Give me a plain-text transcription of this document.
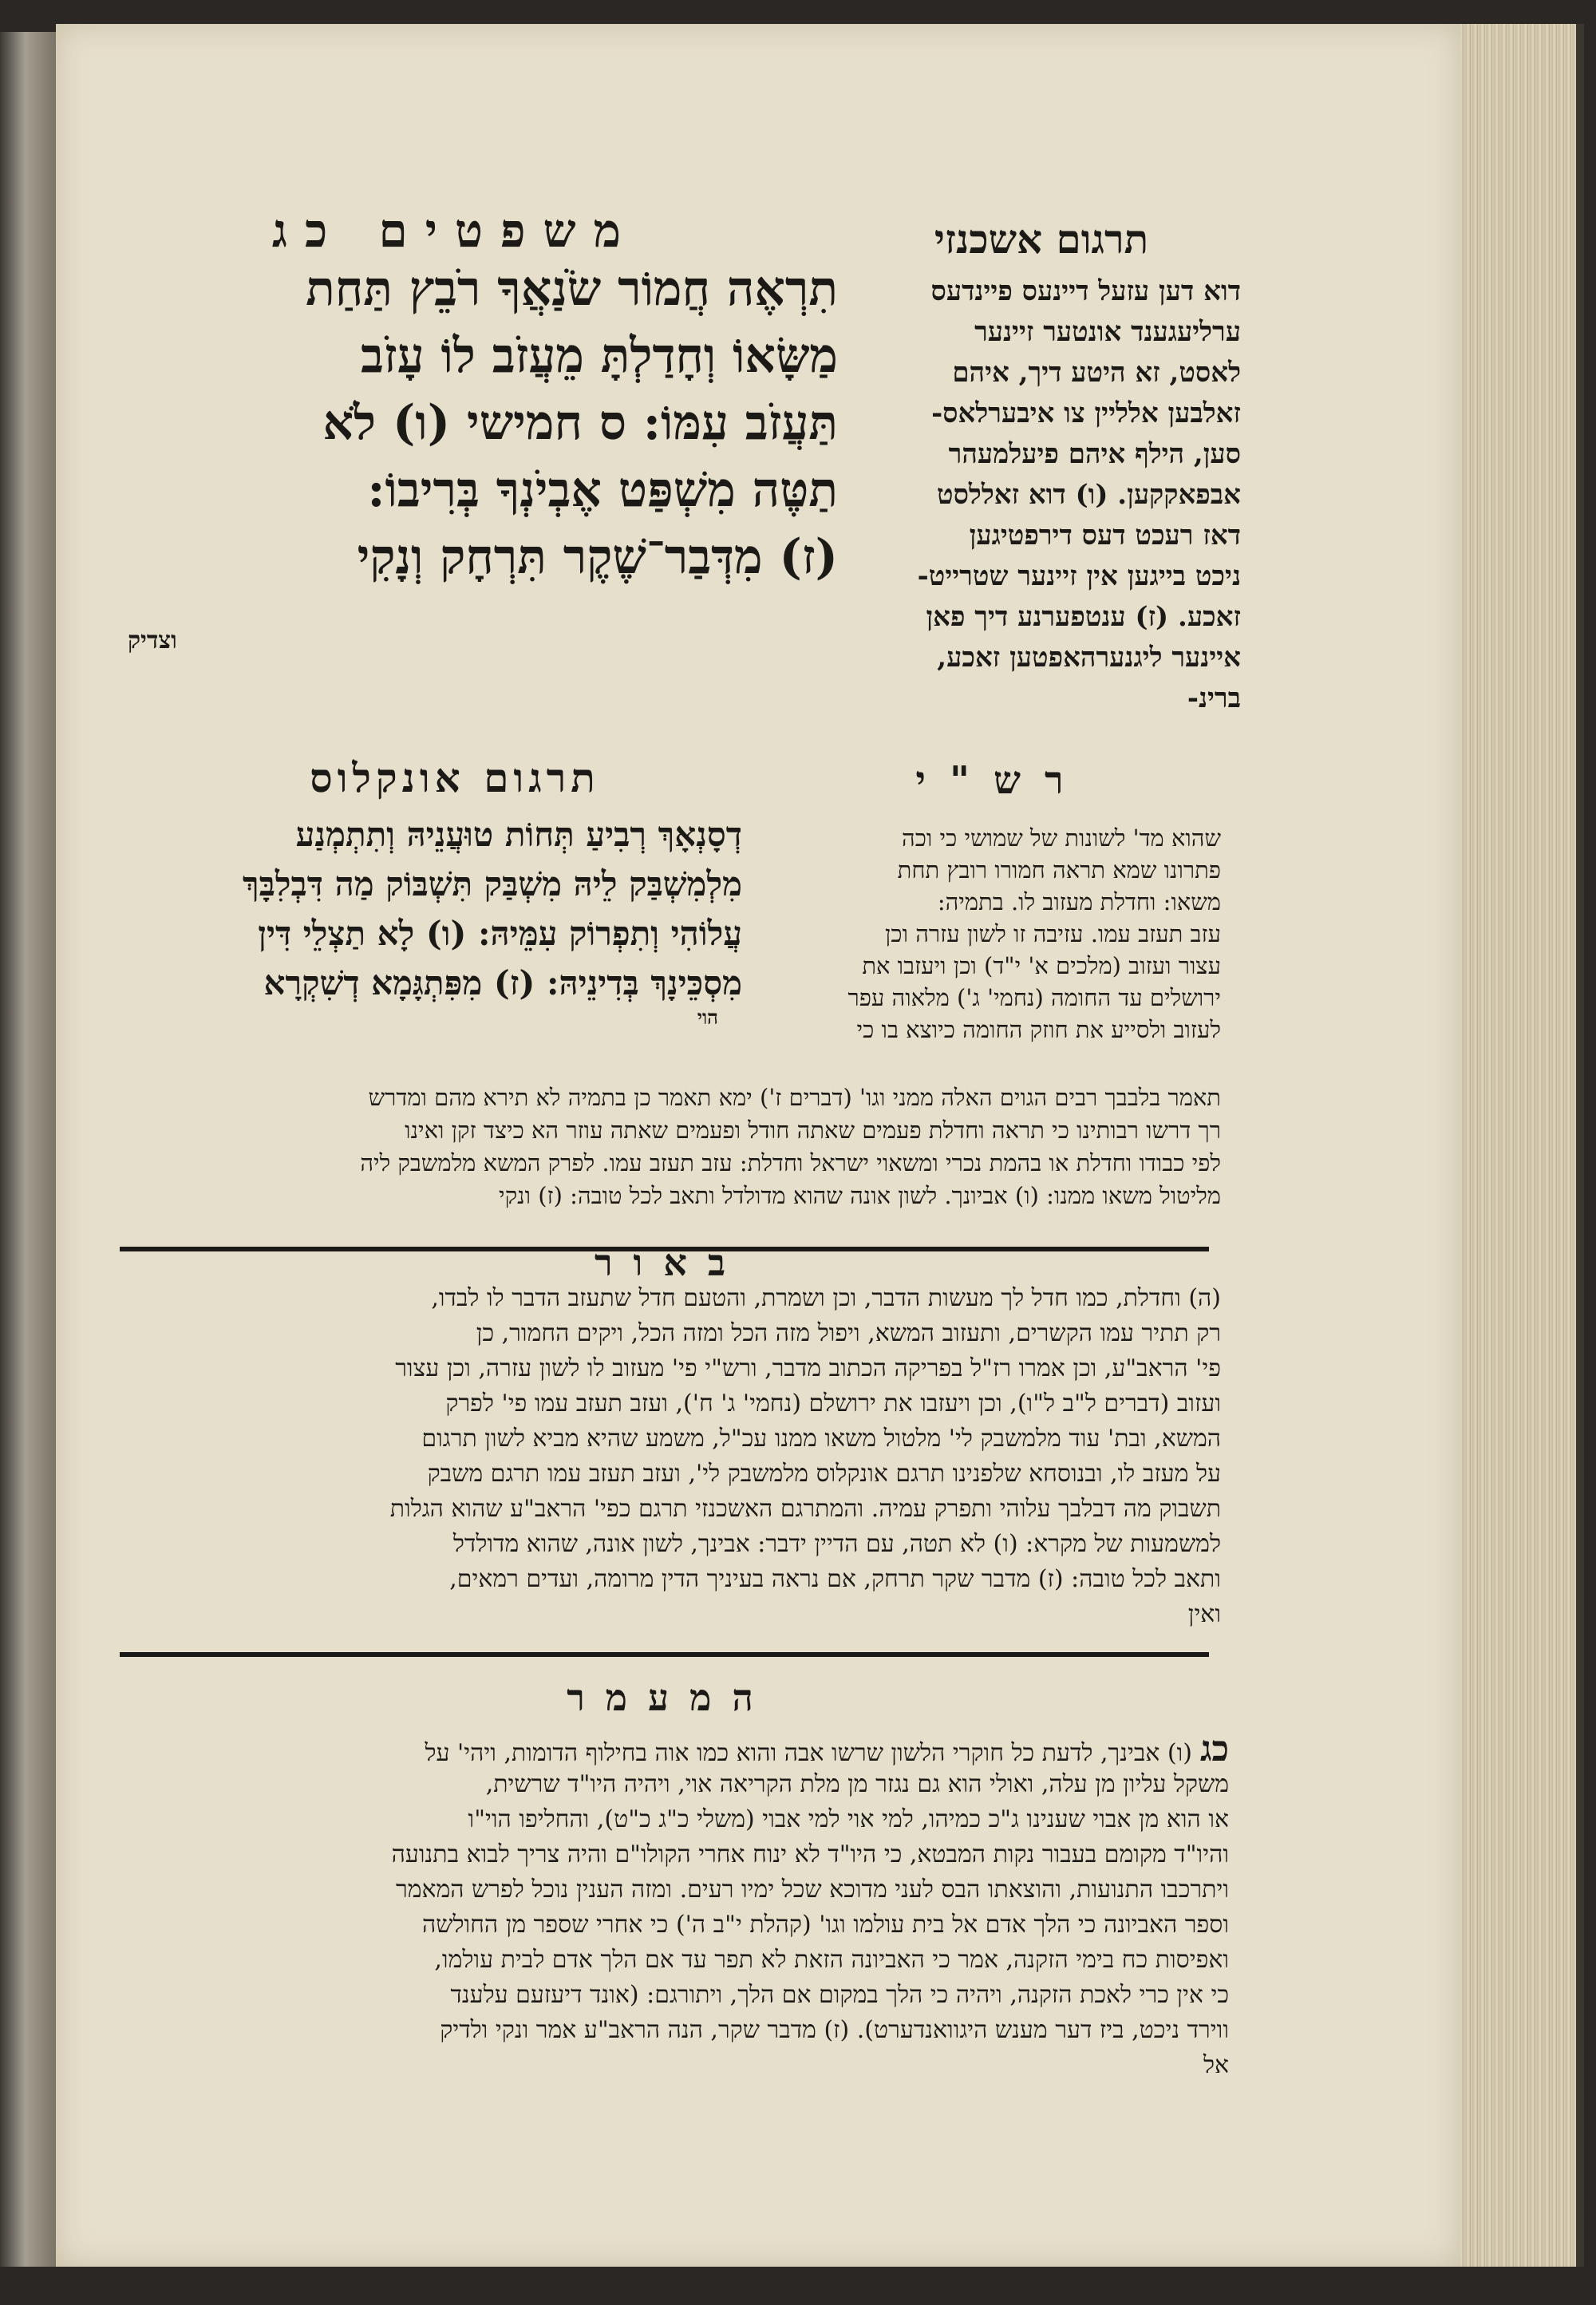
משפטים כג
תִרְאֶה חֲמוֹר שֹׂנַאֲךָ רֹבֵץ תַּחַת
מַשָּׂאוֹ וְחָדַלְתָּ מֵעֲזֹב לוֹ עָזֹב
תַּעֲזֹב עִמּוֹ: ס חמישי (ו) לֹא
תַטֶּה מִשְׁפַּט אֶבְיֹנְךָ בְּרִיבוֹ:
(ז) מִדְּבַר־שֶׁקֶר תִּרְחָק וְנָקִי
וצדיק
תרגום אשכנזי
דוא דען עזעל דיינעס פיינדעס
ערליעגענד אונטער זיינער
לאסט, זא היטע דיך, איהם
זאלבען אלליין צו איבערלאס-
סען, הילף איהם פיעלמעהר
אבפאקקען. (ו) דוא זאללסט
דאז רעכט דעס דירפטיגען
ניכט בייגען אין זיינער שטרייט-
זאכע. (ז) ענטפערנע דיך פאן
איינער ליגנערהאפטען זאכע,
ברינ-
תרגום אונקלוס
דְסָנְאָךְ רְבִיעַ תְּחוֹת טוּעֲנֵיהּ וְתִתְמְנַע
מִלְמִשְׁבַּק לֵיהּ מִשְׁבַּק תִּשְׁבּוֹק מַה דִּבְלִבָּךְ
עֲלוֹהִי וְתִפְרוֹק עִמֵּיהּ: (ו) לָא תַצְלֵי דִּין
מִסְכֵּינָךְ בְּדִינֵיהּ: (ז) מִפִּתְגָּמָא דְשִׁקְרָא
הוי
רש"י
שהוא מד' לשונות של שמושי כי וכה
פתרונו שמא תראה חמורו רובץ תחת
משאו: וחדלת מעזוב לו. בתמיה:
עזב תעזב עמו. עזיבה זו לשון עזרה וכן
עצור ועזוב (מלכים א' י"ד) וכן ויעזבו את
ירושלים עד החומה (נחמי' ג') מלאוה עפר
לעזוב ולסייע את חוזק החומה כיוצא בו כי
תאמר בלבבך רבים הגוים האלה ממני וגו' (דברים ז') ימא תאמר כן בתמיה לא תירא מהם ומדרש
רך דרשו רבותינו כי תראה וחדלת פעמים שאתה חודל ופעמים שאתה עוזר הא כיצד זקן ואינו
לפי כבודו וחדלת או בהמת נכרי ומשאוי ישראל וחדלת: עזב תעזב עמו. לפרק המשא מלמשבק ליה
מליטול משאו ממנו: (ו) אביונך. לשון אונה שהוא מדולדל ותאב לכל טובה: (ז) ונקי
באור
(ה) וחדלת, כמו חדל לך מעשות הדבר, וכן ושמרת, והטעם חדל שתעזב הדבר לו לבדו,
רק תתיר עמו הקשרים, ותעזוב המשא, ויפול מזה הכל ומזה הכל, ויקים החמור, כן
פי' הראב"ע, וכן אמרו רז"ל בפריקה הכתוב מדבר, ורש"י פי' מעזוב לו לשון עזרה, וכן עצור
ועזוב (דברים ל"ב ל"ו), וכן ויעזבו את ירושלם (נחמי' ג' ח'), ועזב תעזב עמו פי' לפרק
המשא, ובת' עוד מלמשבק לי' מלטול משאו ממנו עכ"ל, משמע שהיא מביא לשון תרגום
על מעזב לו, ובנוסחא שלפנינו תרגם אונקלוס מלמשבק לי', ועזב תעזב עמו תרגם משבק
תשבוק מה דבלבך עלוהי ותפרק עמיה. והמתרגם האשכנזי תרגם כפי' הראב"ע שהוא הגלות
למשמעות של מקרא: (ו) לא תטה, עם הדיין ידבר: אבינך, לשון אונה, שהוא מדולדל
ותאב לכל טובה: (ז) מדבר שקר תרחק, אם נראה בעיניך הדין מרומה, ועדים רמאים,
ואין
המעמר
כג(ו) אבינך, לדעת כל חוקרי הלשון שרשו אבה והוא כמו אוה בחילוף הדומות, ויהי' על
משקל עליון מן עלה, ואולי הוא גם נגזר מן מלת הקריאה אוי, ויהיה היו"ד שרשית,
או הוא מן אבוי שענינו ג"כ כמיהו, למי אוי למי אבוי (משלי כ"ג כ"ט), והחליפו הוי"ו
והיו"ד מקומם בעבור נקות המבטא, כי היו"ד לא ינוח אחרי הקולו"ם והיה צריך לבוא בתנועה
ויתרכבו התנועות, והוצאתו הבס לעני מדוכא שכל ימיו רעים. ומזה הענין נוכל לפרש המאמר
וספר האביונה כי הלך אדם אל בית עולמו וגו' (קהלת י"ב ה') כי אחרי שספר מן החולשה
ואפיסות כח בימי הזקנה, אמר כי האביונה הזאת לא תפר עד אם הלך אדם לבית עולמו,
כי אין כרי לאכת הזקנה, ויהיה כי הלך במקום אם הלך, ויתורגם: (אונד דיעזעם עלענד
ווירד ניכט, ביז דער מענש היגוואנדערט). (ז) מדבר שקר, הנה הראב"ע אמר ונקי ולדיק
אל
